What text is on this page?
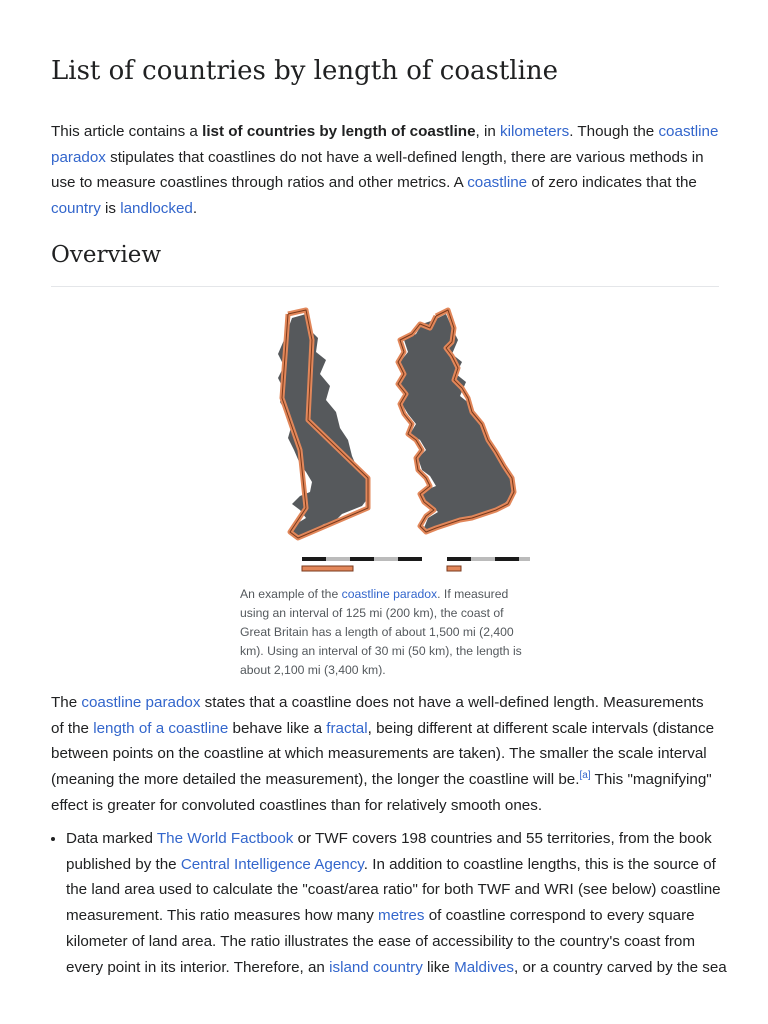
List of countries by length of coastline

This article contains a list of countries by length of coastline, in kilometers. Though the coastline paradox stipulates that coastlines do not have a well-defined length, there are various methods in use to measure coastlines through ratios and other metrics. A coastline of zero indicates that the country is landlocked.

Overview
An example of the coastline paradox. If measured using an interval of 125 mi (200 km), the coast of Great Britain has a length of about 1,500 mi (2,400 km). Using an interval of 30 mi (50 km), the length is about 2,100 mi (3,400 km).

The coastline paradox states that a coastline does not have a well-defined length. Measurements of the length of a coastline behave like a fractal, being different at different scale intervals (distance between points on the coastline at which measurements are taken). The smaller the scale interval (meaning the more detailed the measurement), the longer the coastline will be.[a] This "magnifying" effect is greater for convoluted coastlines than for relatively smooth ones.

• Data marked The World Factbook or TWF covers 198 countries and 55 territories, from the book published by the Central Intelligence Agency. In addition to coastline lengths, this is the source of the land area used to calculate the "coast/area ratio" for both TWF and WRI (see below) coastline measurement. This ratio measures how many metres of coastline correspond to every square kilometer of land area. The ratio illustrates the ease of accessibility to the country's coast from every point in its interior. Therefore, an island country like Maldives, or a country carved by the sea
